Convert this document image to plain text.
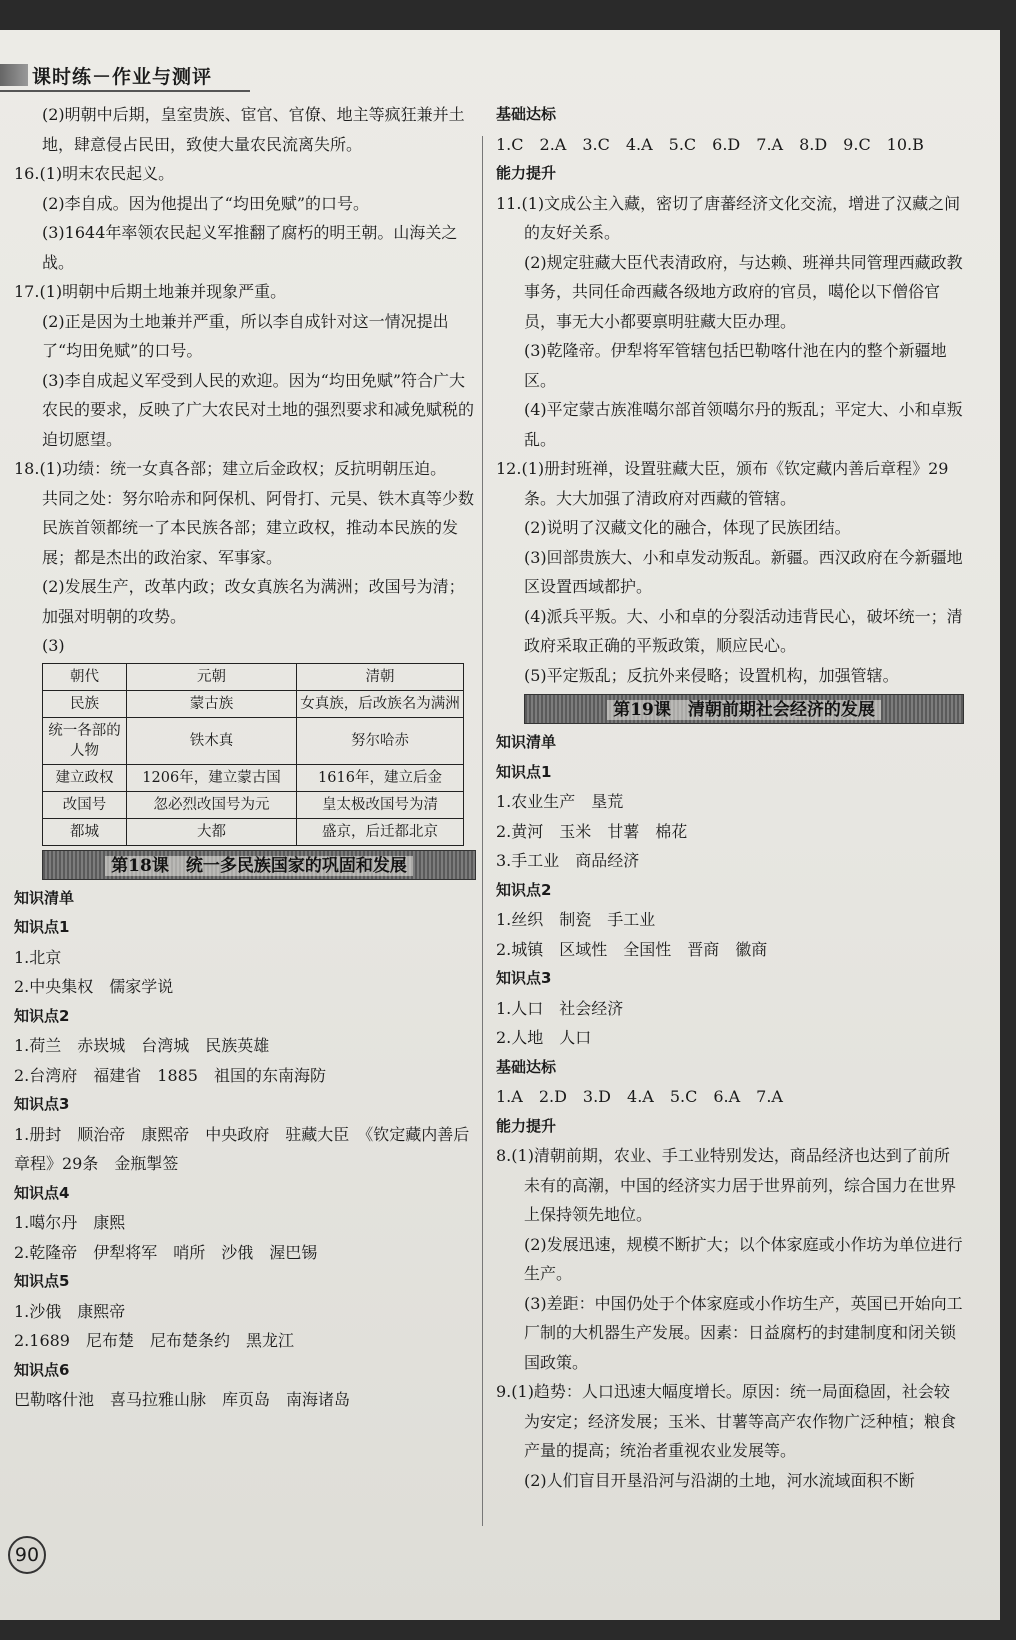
课时练－作业与测评

(2)明朝中后期，皇室贵族、宦官、官僚、地主等疯狂兼并土地，肆意侵占民田，致使大量农民流离失所。

16.(1)明末农民起义。

(2)李自成。因为他提出了“均田免赋”的口号。

(3)1644年率领农民起义军推翻了腐朽的明王朝。山海关之战。

17.(1)明朝中后期土地兼并现象严重。

(2)正是因为土地兼并严重，所以李自成针对这一情况提出了“均田免赋”的口号。

(3)李自成起义军受到人民的欢迎。因为“均田免赋”符合广大农民的要求，反映了广大农民对土地的强烈要求和减免赋税的迫切愿望。

18.(1)功绩：统一女真各部；建立后金政权；反抗明朝压迫。

共同之处：努尔哈赤和阿保机、阿骨打、元昊、铁木真等少数民族首领都统一了本民族各部；建立政权，推动本民族的发展；都是杰出的政治家、军事家。

(2)发展生产，改革内政；改女真族名为满洲；改国号为清；加强对明朝的攻势。

(3)

朝代	元朝	清朝
民族	蒙古族	女真族，后改族名为满洲
统一各部的人物	铁木真	努尔哈赤
建立政权	1206年，建立蒙古国	1616年，建立后金
改国号	忽必烈改国号为元	皇太极改国号为清
都城	大都	盛京，后迁都北京
第18课　统一多民族国家的巩固和发展

知识清单

知识点1

1.北京

2.中央集权　儒家学说

知识点2

1.荷兰　赤崁城　台湾城　民族英雄

2.台湾府　福建省　1885　祖国的东南海防

知识点3

1.册封　顺治帝　康熙帝　中央政府　驻藏大臣　《钦定藏内善后章程》29条　金瓶掣签

知识点4

1.噶尔丹　康熙

2.乾隆帝　伊犁将军　哨所　沙俄　渥巴锡

知识点5

1.沙俄　康熙帝

2.1689　尼布楚　尼布楚条约　黑龙江

知识点6

巴勒喀什池　喜马拉雅山脉　库页岛　南海诸岛

基础达标

1.C　2.A　3.C　4.A　5.C　6.D　7.A　8.D　9.C　10.B

能力提升

11.(1)文成公主入藏，密切了唐蕃经济文化交流，增进了汉藏之间的友好关系。

(2)规定驻藏大臣代表清政府，与达赖、班禅共同管理西藏政教事务，共同任命西藏各级地方政府的官员，噶伦以下僧俗官员，事无大小都要禀明驻藏大臣办理。

(3)乾隆帝。伊犁将军管辖包括巴勒喀什池在内的整个新疆地区。

(4)平定蒙古族准噶尔部首领噶尔丹的叛乱；平定大、小和卓叛乱。

12.(1)册封班禅，设置驻藏大臣，颁布《钦定藏内善后章程》29条。大大加强了清政府对西藏的管辖。

(2)说明了汉藏文化的融合，体现了民族团结。

(3)回部贵族大、小和卓发动叛乱。新疆。西汉政府在今新疆地区设置西域都护。

(4)派兵平叛。大、小和卓的分裂活动违背民心，破坏统一；清政府采取正确的平叛政策，顺应民心。

(5)平定叛乱；反抗外来侵略；设置机构，加强管辖。

第19课　清朝前期社会经济的发展

知识清单

知识点1

1.农业生产　垦荒

2.黄河　玉米　甘薯　棉花

3.手工业　商品经济

知识点2

1.丝织　制瓷　手工业

2.城镇　区域性　全国性　晋商　徽商

知识点3

1.人口　社会经济

2.人地　人口

基础达标

1.A　2.D　3.D　4.A　5.C　6.A　7.A

能力提升

8.(1)清朝前期，农业、手工业特别发达，商品经济也达到了前所未有的高潮，中国的经济实力居于世界前列，综合国力在世界上保持领先地位。

(2)发展迅速，规模不断扩大；以个体家庭或小作坊为单位进行生产。

(3)差距：中国仍处于个体家庭或小作坊生产，英国已开始向工厂制的大机器生产发展。因素：日益腐朽的封建制度和闭关锁国政策。

9.(1)趋势：人口迅速大幅度增长。原因：统一局面稳固，社会较为安定；经济发展；玉米、甘薯等高产农作物广泛种植；粮食产量的提高；统治者重视农业发展等。

(2)人们盲目开垦沿河与沿湖的土地，河水流域面积不断

90
